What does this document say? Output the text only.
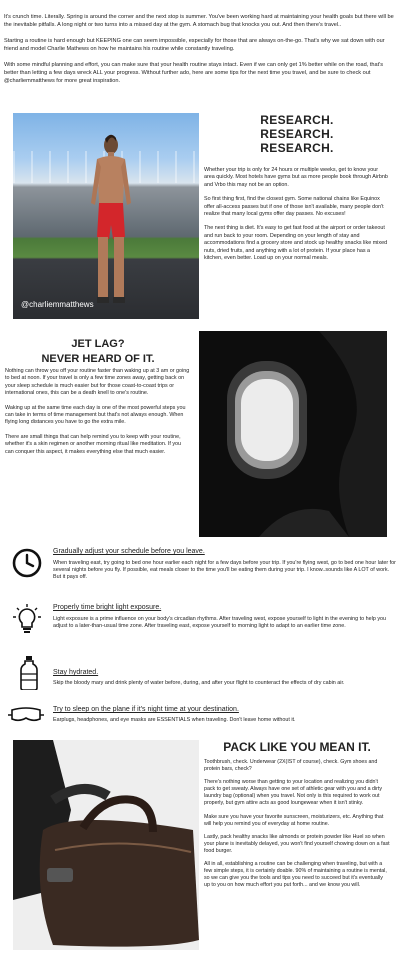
It's crunch time. Literally. Spring is around the corner and the next stop is summer. You've been working hard at maintaining your health goals but there will be the inevitable pitfalls. A long night or two turns into a missed day at the gym. A stomach bug that knocks you out. And then there's travel..

Starting a routine is hard enough but KEEPING one can seem impossible, especially for those that are always on-the-go. That's why we sat down with our friend and model Charlie Mathews on how he maintains his routine while constantly traveling.

With some mindful planning and effort, you can make sure that your health routine stays intact. Even if we can only get 1% better while on the road, that's better than letting a few days wreck ALL your progress. Without further ado, here are some tips for the next time you travel, and be sure to check out @charliemmatthews for more great inspiration.

@charliemmatthews
RESEARCH.
RESEARCH.
RESEARCH.

Whether your trip is only for 24 hours or multiple weeks, get to know your area quickly. Most hotels have gyms but as more people book through Airbnb and Vrbo this may not be an option.

So first thing first, find the closest gym. Some national chains like Equinox offer all-access passes but if one of those isn't available, many people don't realize that many local gyms offer day passes. No excuses!

The next thing is diet. It's easy to get fast food at the airport or order takeout and run back to your room. Depending on your length of stay and accommodations find a grocery store and stock up healthy snacks like mixed nuts, dried fruits, and anything with a lot of protein. If your place has a kitchen, even better. Load up on your normal meals.

JET LAG?
NEVER HEARD OF IT.

Nothing can throw you off your routine faster than waking up at 3 am or going to bed at noon. If your travel is only a few time zones away, getting back on your sleep schedule is much easier but for those coast-to-coast trips or international ones, this can be a death knell to one's routine.

Waking up at the same time each day is one of the most powerful steps you can take in terms of time management but that's not always enough. When flying long distances you have to go the extra mile.

There are small things that can help remind you to keep with your routine, whether it's a skin regimen or another morning ritual like meditation. If you can conquer this aspect, it makes everything else that much easier.

Gradually adjust your schedule before you leave.
When traveling east, try going to bed one hour earlier each night for a few days before your trip. If you're flying west, go to bed one hour later for several nights before you fly. If possible, eat meals closer to the time you'll be eating them during your trip. I know..sounds like A LOT of work. But it pays off.
Properly time bright light exposure.
Light exposure is a prime influence on your body's circadian rhythms. After traveling west, expose yourself to light in the evening to help you adjust to a later-than-usual time zone. After traveling east, expose yourself to morning light to adapt to an earlier time zone.
Stay hydrated.
Skip the bloody mary and drink plenty of water before, during, and after your flight to counteract the effects of dry cabin air.
Try to sleep on the plane if it's night time at your destination.
Earplugs, headphones, and eye masks are ESSENTIALS when traveling. Don't leave home without it.
PACK LIKE YOU MEAN IT.

Toothbrush, check. Underwear (2X(IST of course), check. Gym shoes and protein bars, check?

There's nothing worse than getting to your location and realizing you didn't pack to get sweaty. Always have one set of athletic gear with you and a dirty laundry bag (optional) when you travel. Not only is this required to work out properly, but gym attire acts as good loungewear when it isn't stinky.

Make sure you have your favorite sunscreen, moisturizers, etc. Anything that will help you remind you of everyday at home routine.

Lastly, pack healthy snacks like almonds or protein powder like Huel so when your plane is inevitably delayed, you won't find yourself chowing down on a fast food burger.

All in all, establishing a routine can be challenging when traveling, but with a few simple steps, it is certainly doable. 90% of maintaining a routine is mental, so we can give you the tools and tips you need to succeed but it's eventually up to you on how much effort you put forth... and we know you will.
